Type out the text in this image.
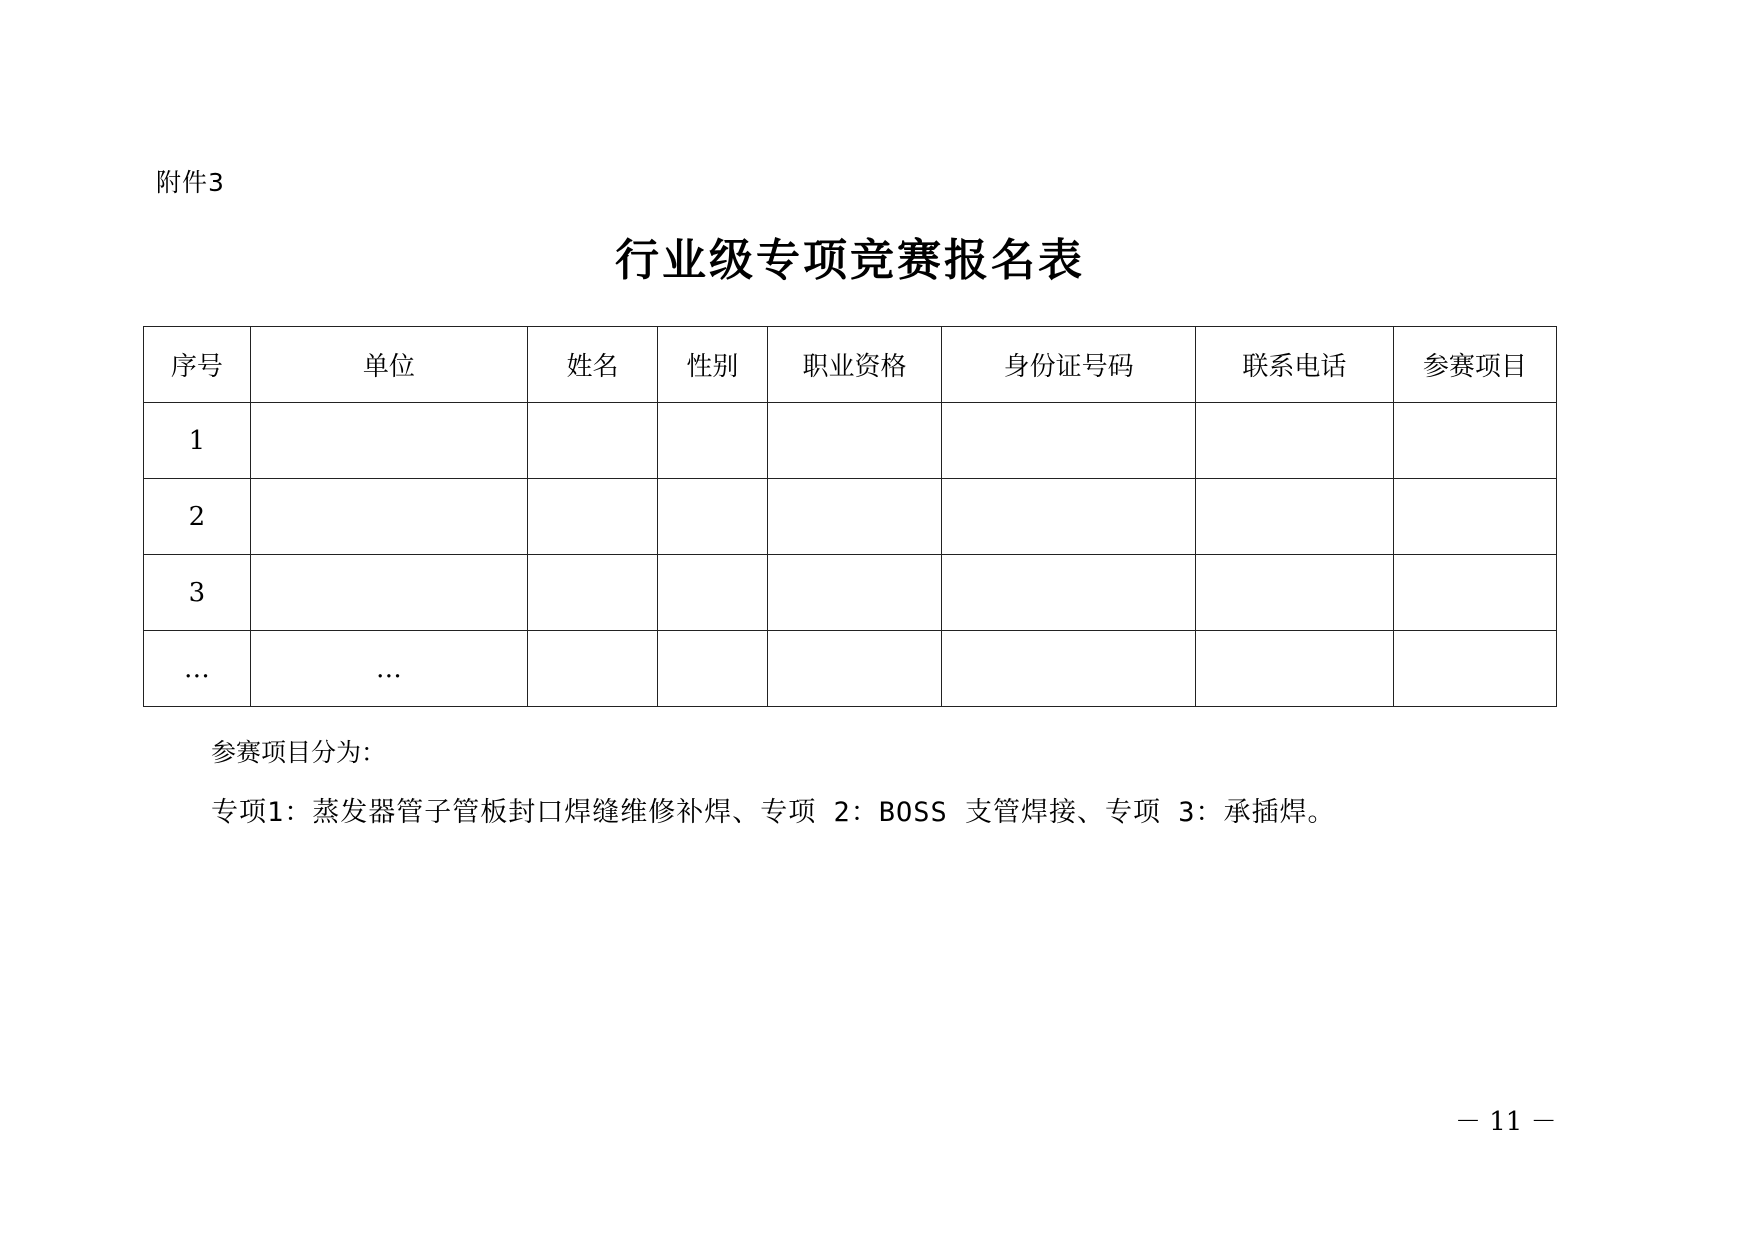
附件3
行业级专项竞赛报名表
序号	单位	姓名	性别	职业资格	身份证号码	联系电话	参赛项目
1							
2							
3							
…	…						
参赛项目分为：
专项1：蒸发器管子管板封口焊缝维修补焊、专项 2：BOSS 支管焊接、专项 3：承插焊。
－ 11 －
